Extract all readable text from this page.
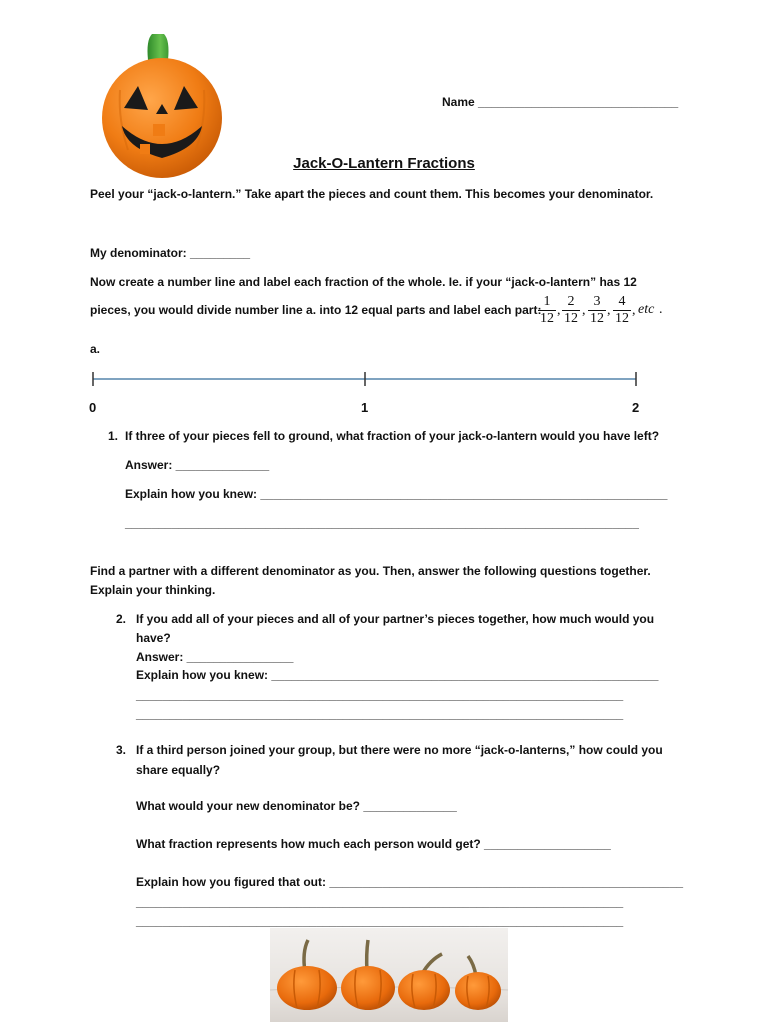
Name ______________________________
Jack-O-Lantern Fractions
Peel your “jack-o-lantern.” Take apart the pieces and count them. This becomes your denominator.
My denominator: _________
Now create a number line and label each fraction of the whole. Ie. if your “jack-o-lantern” has 12
pieces, you would divide number line a. into 12 equal parts and label each part:
$\frac{1}{12}$ , $\frac{2}{12}$ , $\frac{3}{12}$ , $\frac{4}{12}$ , etc .
a.
0	1	2
1. If three of your pieces fell to ground, what fraction of your jack-o-lantern would you have left?
Answer: ______________
Explain how you knew: _____________________________________________________________
_____________________________________________________________________________
Find a partner with a different denominator as you. Then, answer the following questions together.
Explain your thinking.
2. If you add all of your pieces and all of your partner’s pieces together, how much would you
have?
Answer: ________________
Explain how you knew: __________________________________________________________
_________________________________________________________________________
_________________________________________________________________________
3. If a third person joined your group, but there were no more “jack-o-lanterns,” how could you
share equally?
What would your new denominator be? ______________
What fraction represents how much each person would get? ___________________
Explain how you figured that out: _____________________________________________________
_________________________________________________________________________
_________________________________________________________________________
